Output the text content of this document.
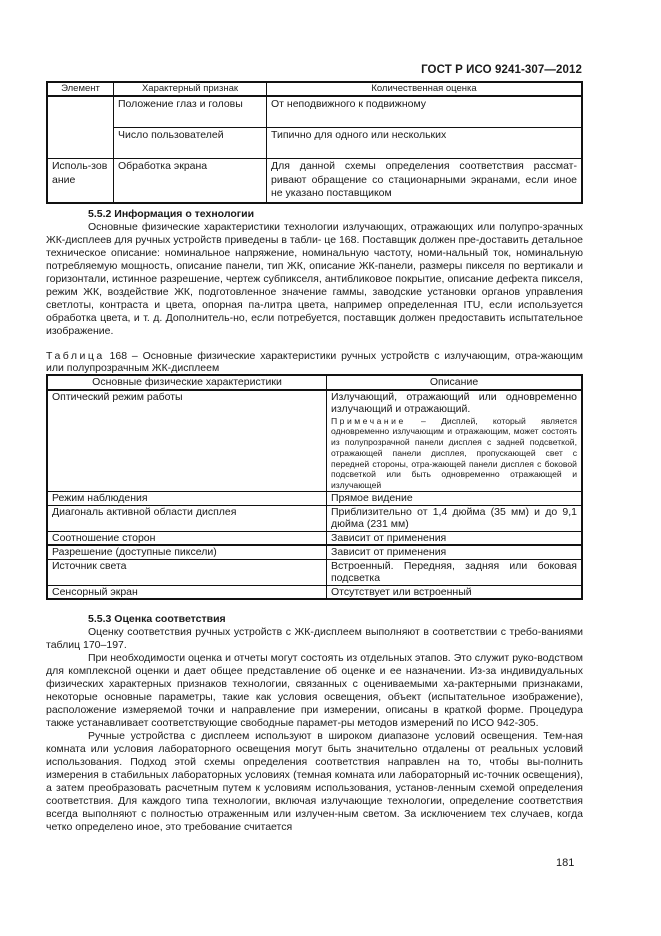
ГОСТ Р ИСО 9241-307—2012
Элемент	Характерный признак	Количественная оценка
	Положение глаз и головы	От неподвижного к подвижному
	Число пользователей	Типично для одного или нескольких
Исполь-зование	Обработка экрана	Для данной схемы определения соответствия рассмат-ривают обращение со стационарными экранами, если иное не указано поставщиком

5.5.2 Информация о технологии

Основные физические характеристики технологии излучающих, отражающих или полупро-зрачных ЖК-дисплеев для ручных устройств приведены в табли- це 168. Поставщик должен пре-доставить детальное техническое описание: номинальное напряжение, номинальную частоту, номи-нальный ток, номинальную потребляемую мощность, описание панели, тип ЖК, описание ЖК-панели, размеры пикселя по вертикали и горизонтали, истинное разрешение, чертеж субпикселя, антибликовое покрытие, описание дефекта пикселя, режим ЖК, воздействие ЖК, подготовленное значение гаммы, заводские установки органов управления светлоты, контраста и цвета, опорная па-литра цвета, например определенная ITU, если используется обработка цвета, и т. д. Дополнитель-но, если потребуется, поставщик должен предоставить испытательное изображение.

Таблица 168 – Основные физические характеристики ручных устройств с излучающим, отра-жающим или полупрозрачным ЖК-дисплеем
Основные физические характеристики	Описание
Оптический режим работы	Излучающий, отражающий или одновременно излучающий и отражающий.
Примечание – Дисплей, который является одновременно излучающим и отражающим, может состоять из полупрозрачной панели дисплея с задней подсветкой, отражающей панели дисплея, пропускающей свет с передней стороны, отра-жающей панели дисплея с боковой подсветкой или быть одновременно отражающей и излучающей

Режим наблюдения	Прямое видение
Диагональ активной области дисплея	Приблизительно от 1,4 дюйма (35 мм) и до 9,1 дюйма (231 мм)
Соотношение сторон	Зависит от применения
Разрешение (доступные пиксели)	Зависит от применения
Источник света	Встроенный. Передняя, задняя или боковая подсветка
Сенсорный экран	Отсутствует или встроенный

5.5.3 Оценка соответствия

Оценку соответствия ручных устройств с ЖК-дисплеем выполняют в соответствии с требо-ваниями таблиц 170–197.

При необходимости оценка и отчеты могут состоять из отдельных этапов. Это служит руко-водством для комплексной оценки и дает общее представление об оценке и ее назначении. Из-за индивидуальных физических характерных признаков технологии, связанных с оцениваемыми ха-рактерными признаками, некоторые основные параметры, такие как условия освещения, объект (испытательное изображение), расположение измеряемой точки и направление при измерении, описаны в краткой форме. Процедура также устанавливает соответствующие свободные парамет-ры методов измерений по ИСО 942-305.

Ручные устройства с дисплеем используют в широком диапазоне условий освещения. Тем-ная комната или условия лабораторного освещения могут быть значительно отдалены от реальных условий использования. Подход этой схемы определения соответствия направлен на то, чтобы вы-полнить измерения в стабильных лабораторных условиях (темная комната или лабораторный ис-точник освещения), а затем преобразовать расчетным путем к условиям использования, установ-ленным схемой определения соответствия. Для каждого типа технологии, включая излучающие технологии, определение соответствия всегда выполняют с полностью отраженным или излучен-ным светом. За исключением тех случаев, когда четко определено иное, это требование считается

181
